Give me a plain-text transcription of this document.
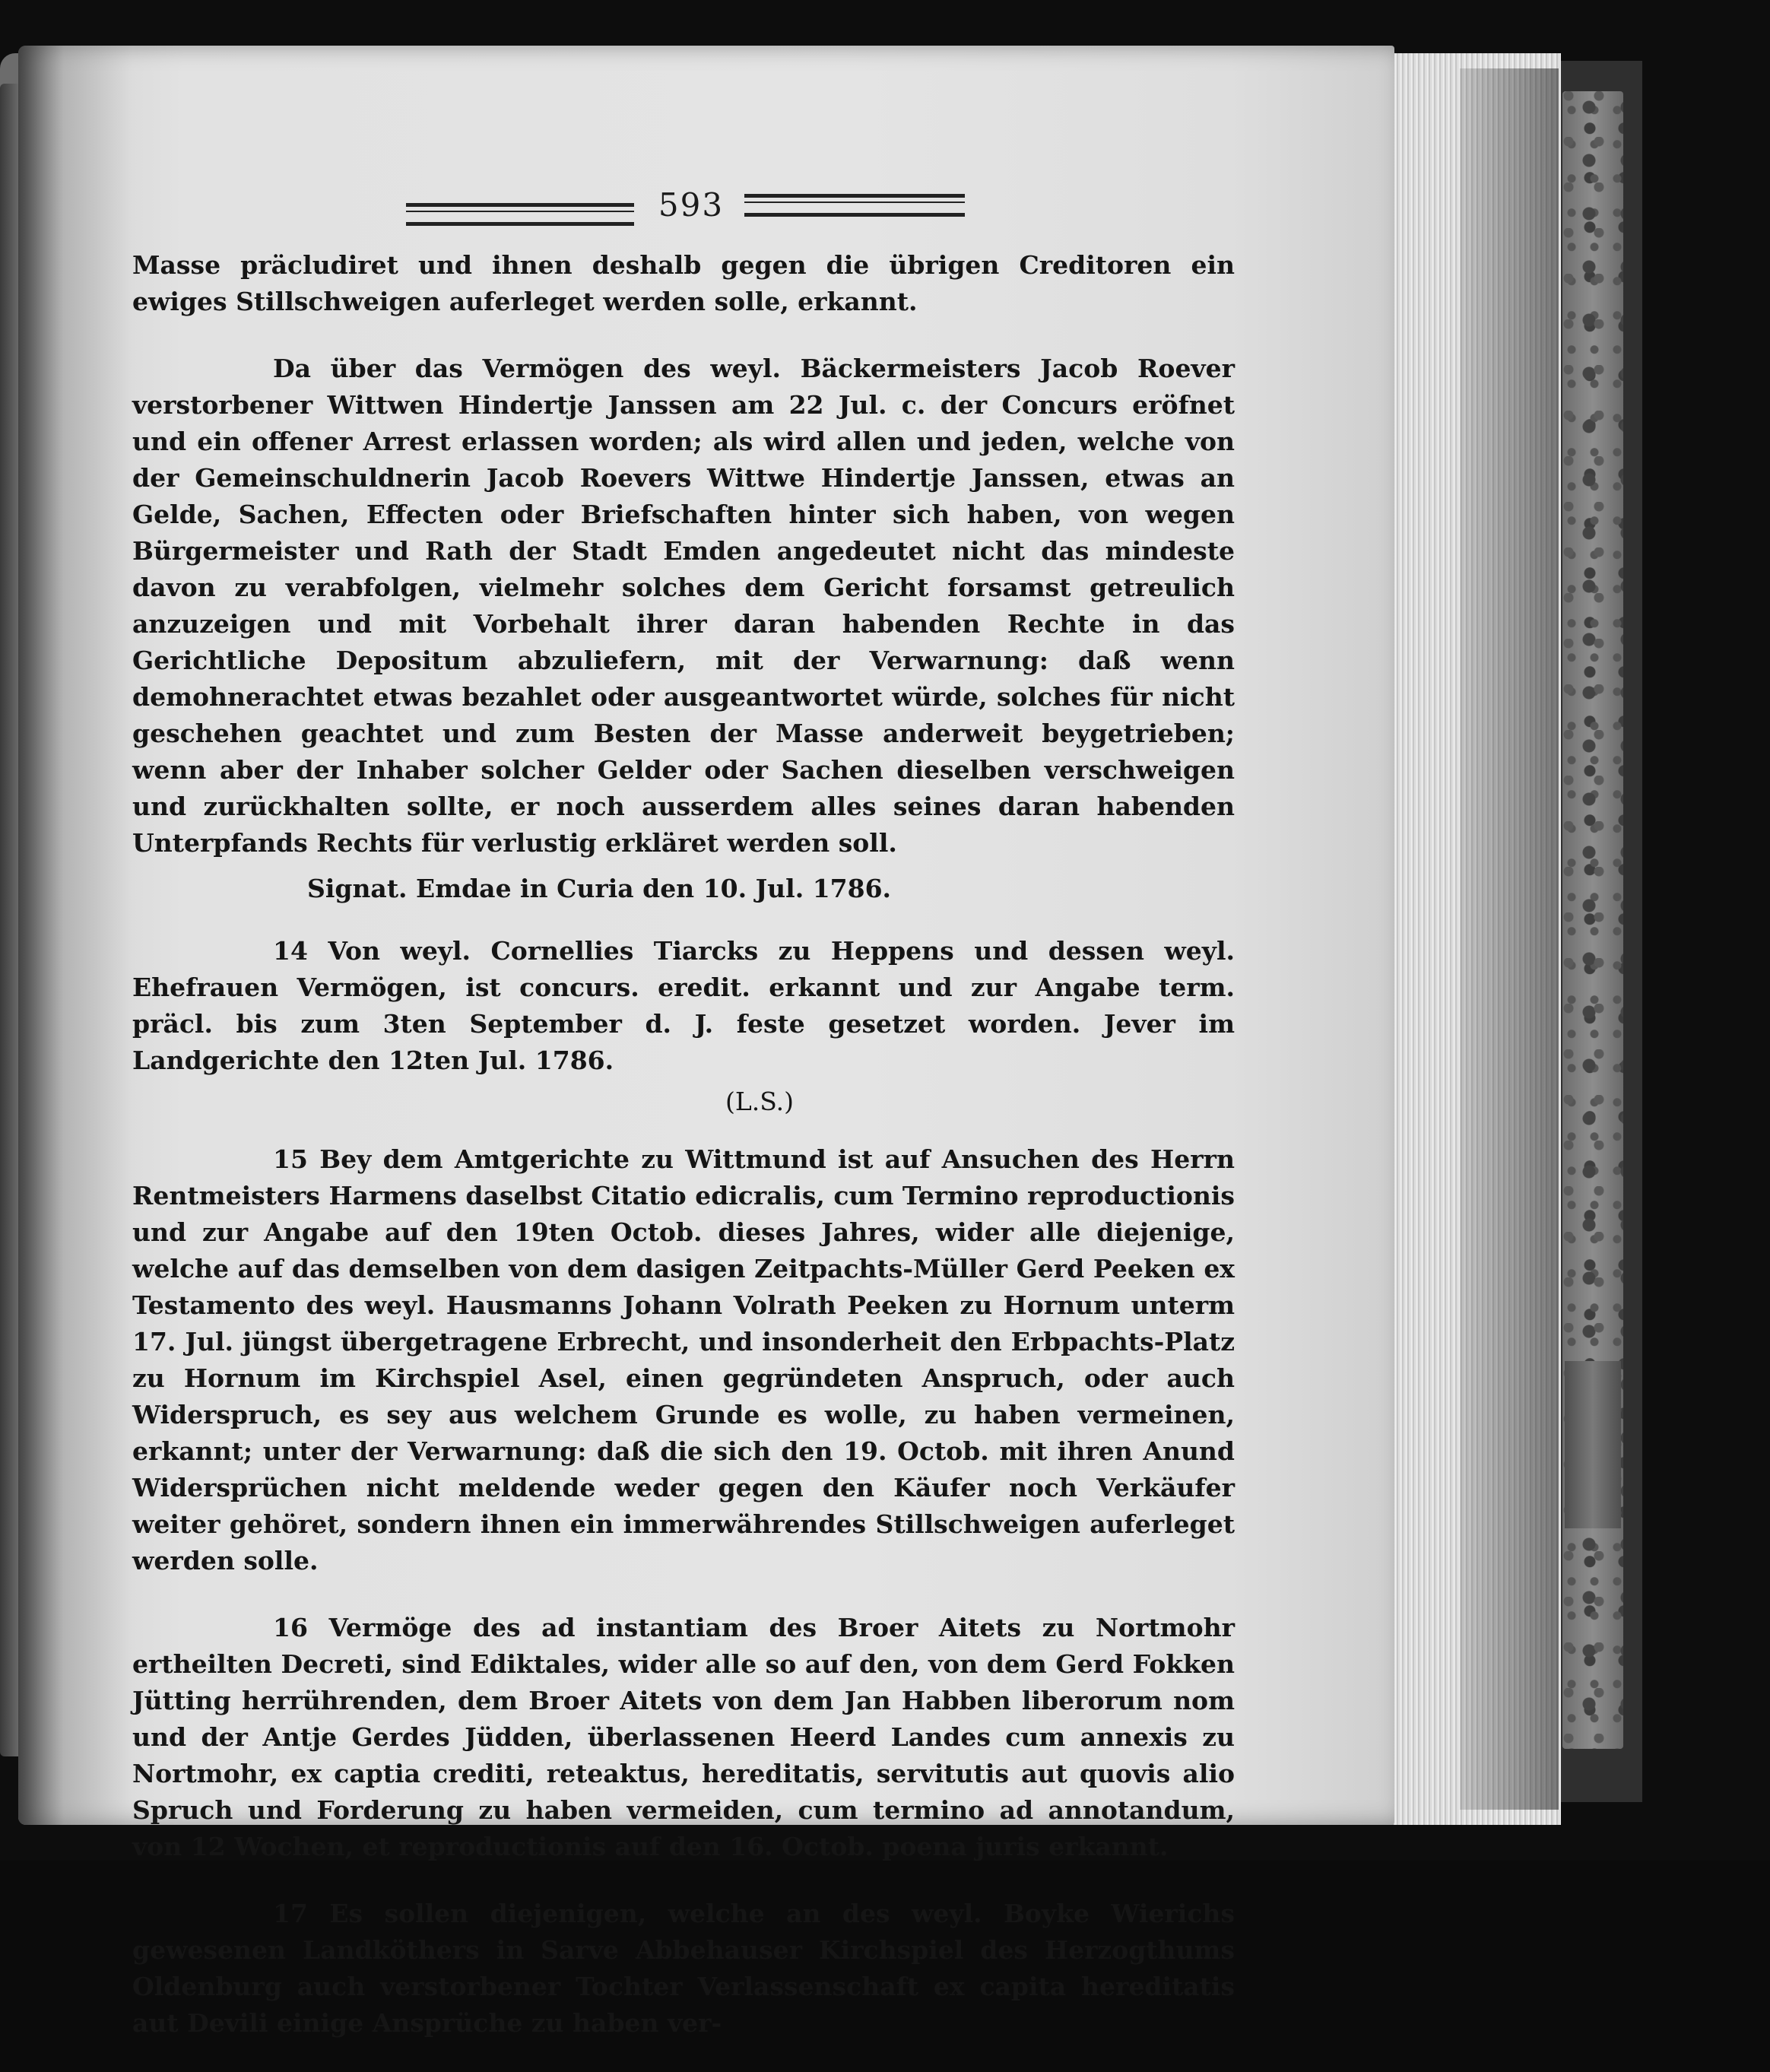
593

Masse präcludiret und ihnen deshalb gegen die übrigen Creditoren ein ewiges Stillschweigen auferleget werden solle, erkannt.

Da über das Vermögen des weyl. Bäckermeisters Jacob Roever verstorbener Wittwen Hindertje Janssen am 22 Jul. c. der Concurs eröfnet und ein offener Arrest erlassen worden; als wird allen und jeden, welche von der Gemeinschuldnerin Jacob Roevers Wittwe Hindertje Janssen, etwas an Gelde, Sachen, Effecten oder Briefschaften hinter sich haben, von wegen Bürgermeister und Rath der Stadt Emden angedeutet nicht das mindeste davon zu verabfolgen, vielmehr solches dem Gericht forsamst getreulich anzuzeigen und mit Vorbehalt ihrer daran habenden Rechte in das Gerichtliche Depositum abzuliefern, mit der Verwarnung: daß wenn demohnerachtet etwas bezahlet oder ausgeantwortet würde, solches für nicht geschehen geachtet und zum Besten der Masse anderweit beygetrieben; wenn aber der Inhaber solcher Gelder oder Sachen dieselben verschweigen und zurückhalten sollte, er noch ausserdem alles seines daran habenden Unterpfands Rechts für verlustig erkläret werden soll.

Signat. Emdae in Curia den 10. Jul. 1786.

14 Von weyl. Cornellies Tiarcks zu Heppens und dessen weyl. Ehefrauen Vermögen, ist concurs. eredit. erkannt und zur Angabe term. präcl. bis zum 3ten September d. J. feste gesetzet worden. Jever im Landgerichte den 12ten Jul. 1786.

(L.S.)

15 Bey dem Amtgerichte zu Wittmund ist auf Ansuchen des Herrn Rentmeisters Harmens daselbst Citatio edicralis, cum Termino reproductionis und zur Angabe auf den 19ten Octob. dieses Jahres, wider alle diejenige, welche auf das demselben von dem dasigen Zeitpachts-Müller Gerd Peeken ex Testamento des weyl. Hausmanns Johann Volrath Peeken zu Hornum unterm 17. Jul. jüngst übergetragene Erbrecht, und insonderheit den Erbpachts-Platz zu Hornum im Kirchspiel Asel, einen gegründeten Anspruch, oder auch Widerspruch, es sey aus welchem Grunde es wolle, zu haben vermeinen, erkannt; unter der Verwarnung: daß die sich den 19. Octob. mit ihren Anund Widersprüchen nicht meldende weder gegen den Käufer noch Verkäufer weiter gehöret, sondern ihnen ein immerwährendes Stillschweigen auferleget werden solle.

16 Vermöge des ad instantiam des Broer Aitets zu Nortmohr ertheilten Decreti, sind Ediktales, wider alle so auf den, von dem Gerd Fokken Jütting herrührenden, dem Broer Aitets von dem Jan Habben liberorum nom und der Antje Gerdes Jüdden, überlassenen Heerd Landes cum annexis zu Nortmohr, ex captia crediti, reteaktus, hereditatis, servitutis aut quovis alio Spruch und Forderung zu haben vermeiden, cum termino ad annotandum, von 12 Wochen, et reproductionis auf den 16. Octob. poena juris erkannt.

17 Es sollen diejenigen, welche an des weyl. Boyke Wierichs gewesenen Landköthers in Sarve Abbehauser Kirchspiel des Herzogthums Oldenburg auch verstorbener Tochter Verlassenschaft ex capita hereditatis aut Devili einige Ansprüche zu haben ver-
